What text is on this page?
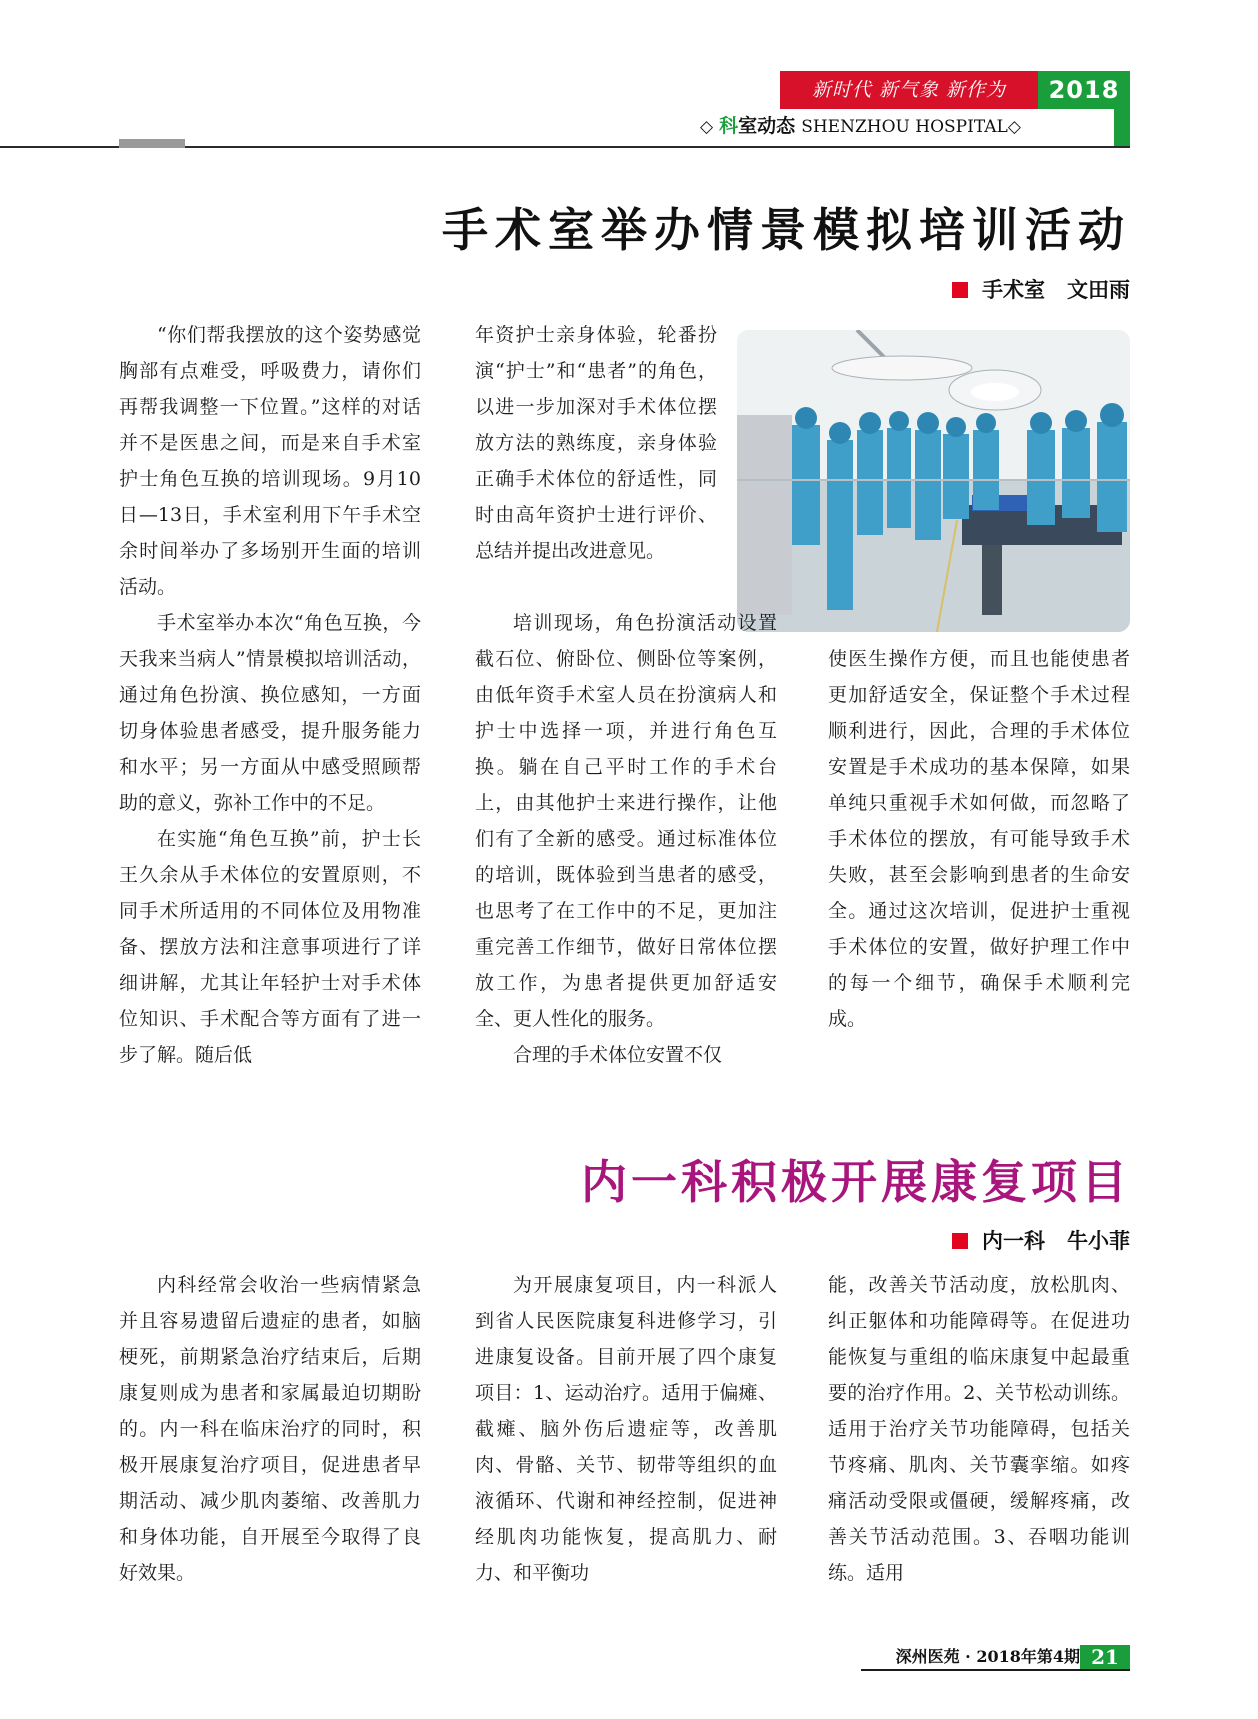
新时代 新气象 新作为	2018
◇ 科室动态 SHENZHOU HOSPITAL◇
手术室举办情景模拟培训活动
手术室 文田雨

“你们帮我摆放的这个姿势感觉胸部有点难受，呼吸费力，请你们再帮我调整一下位置。”这样的对话并不是医患之间，而是来自手术室护士角色互换的培训现场。9月10日—13日，手术室利用下午手术空余时间举办了多场别开生面的培训活动。

手术室举办本次“角色互换，今天我来当病人”情景模拟培训活动，通过角色扮演、换位感知，一方面切身体验患者感受，提升服务能力和水平；另一方面从中感受照顾帮助的意义，弥补工作中的不足。

在实施“角色互换”前，护士长王久余从手术体位的安置原则，不同手术所适用的不同体位及用物准备、摆放方法和注意事项进行了详细讲解，尤其让年轻护士对手术体位知识、手术配合等方面有了进一步了解。随后低

年资护士亲身体验，轮番扮演“护士”和“患者”的角色，以进一步加深对手术体位摆放方法的熟练度，亲身体验正确手术体位的舒适性，同时由高年资护士进行评价、总结并提出改进意见。

培训现场，角色扮演活动设置截石位、俯卧位、侧卧位等案例，由低年资手术室人员在扮演病人和护士中选择一项，并进行角色互换。躺在自己平时工作的手术台上，由其他护士来进行操作，让他们有了全新的感受。通过标准体位的培训，既体验到当患者的感受，也思考了在工作中的不足，更加注重完善工作细节，做好日常体位摆放工作，为患者提供更加舒适安全、更人性化的服务。

合理的手术体位安置不仅

使医生操作方便，而且也能使患者更加舒适安全，保证整个手术过程顺利进行，因此，合理的手术体位安置是手术成功的基本保障，如果单纯只重视手术如何做，而忽略了手术体位的摆放，有可能导致手术失败，甚至会影响到患者的生命安全。通过这次培训，促进护士重视手术体位的安置，做好护理工作中的每一个细节，确保手术顺利完成。

内一科积极开展康复项目
内一科 牛小菲

内科经常会收治一些病情紧急并且容易遗留后遗症的患者，如脑梗死，前期紧急治疗结束后，后期康复则成为患者和家属最迫切期盼的。内一科在临床治疗的同时，积极开展康复治疗项目，促进患者早期活动、减少肌肉萎缩、改善肌力和身体功能，自开展至今取得了良好效果。

为开展康复项目，内一科派人到省人民医院康复科进修学习，引进康复设备。目前开展了四个康复项目：1、运动治疗。适用于偏瘫、截瘫、脑外伤后遗症等，改善肌肉、骨骼、关节、韧带等组织的血液循环、代谢和神经控制，促进神经肌肉功能恢复，提高肌力、耐力、和平衡功

能，改善关节活动度，放松肌肉、纠正躯体和功能障碍等。在促进功能恢复与重组的临床康复中起最重要的治疗作用。2、关节松动训练。适用于治疗关节功能障碍，包括关节疼痛、肌肉、关节囊挛缩。如疼痛活动受限或僵硬，缓解疼痛，改善关节活动范围。3、吞咽功能训练。适用

深州医苑 · 2018年第4期 21
